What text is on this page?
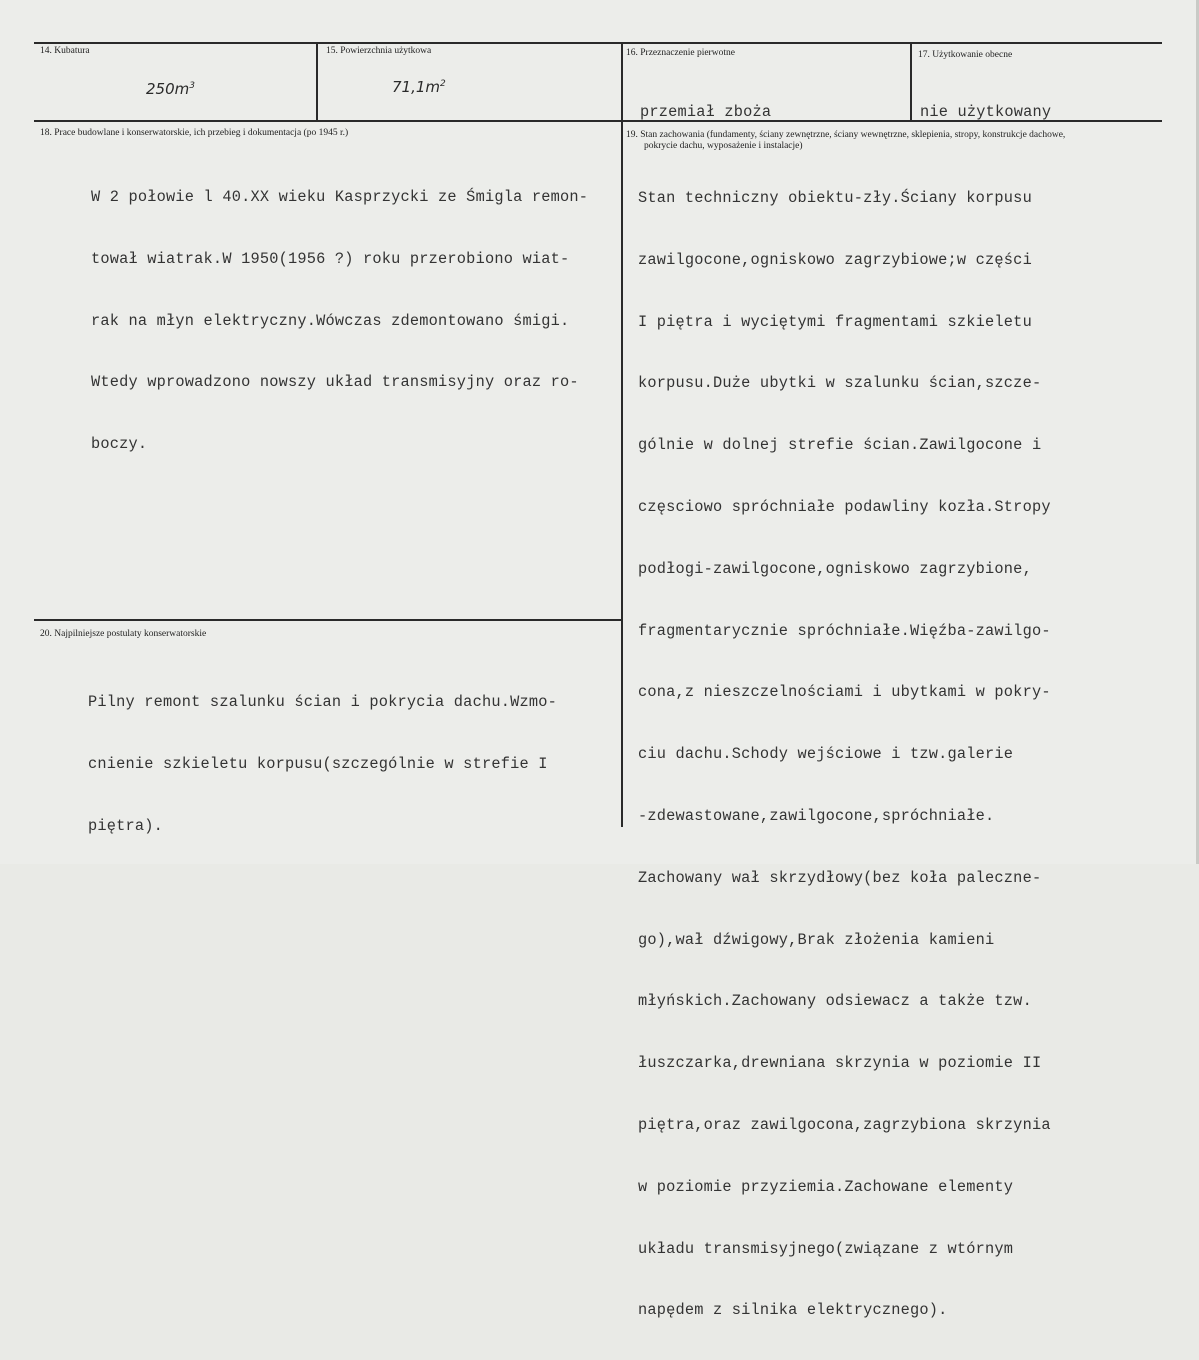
14. Kubatura
$250m^3$
15. Powierzchnia użytkowa
$71,1m^2$
16. Przeznaczenie pierwotne

przemiał zboża

17. Użytkowanie obecne

nie użytkowany

18. Prace budowlane i konserwatorskie, ich przebieg i dokumentacja (po 1945 r.)

W 2 połowie l 40.XX wieku Kasprzycki ze Śmigla remon-

tował wiatrak.W 1950(1956 ?) roku przerobiono wiat-

rak na młyn elektryczny.Wówczas zdemontowano śmigi.

Wtedy wprowadzono nowszy układ transmisyjny oraz ro-

boczy.

19. Stan zachowania (fundamenty, ściany zewnętrzne, ściany wewnętrzne, sklepienia, stropy, konstrukcje dachowe,
pokrycie dachu, wyposażenie i instalacje)

Stan techniczny obiektu-zły.Ściany korpusu

zawilgocone,ogniskowo zagrzybiowe;w części

I piętra i wyciętymi fragmentami szkieletu

korpusu.Duże ubytki w szalunku ścian,szcze-

gólnie w dolnej strefie ścian.Zawilgocone i

częsciowo spróchniałe podawliny kozła.Stropy

podłogi-zawilgocone,ogniskowo zagrzybione,

fragmentarycznie spróchniałe.Więźba-zawilgo-

cona,z nieszczelnościami i ubytkami w pokry-

ciu dachu.Schody wejściowe i tzw.galerie

-zdewastowane,zawilgocone,spróchniałe.

Zachowany wał skrzydłowy(bez koła paleczne-

go),wał dźwigowy,Brak złożenia kamieni

młyńskich.Zachowany odsiewacz a także tzw.

łuszczarka,drewniana skrzynia w poziomie II

piętra,oraz zawilgocona,zagrzybiona skrzynia

w poziomie przyziemia.Zachowane elementy

układu transmisyjnego(związane z wtórnym

napędem z silnika elektrycznego).

20. Najpilniejsze postulaty konserwatorskie

Pilny remont szalunku ścian i pokrycia dachu.Wzmo-

cnienie szkieletu korpusu(szczególnie w strefie I

piętra).
